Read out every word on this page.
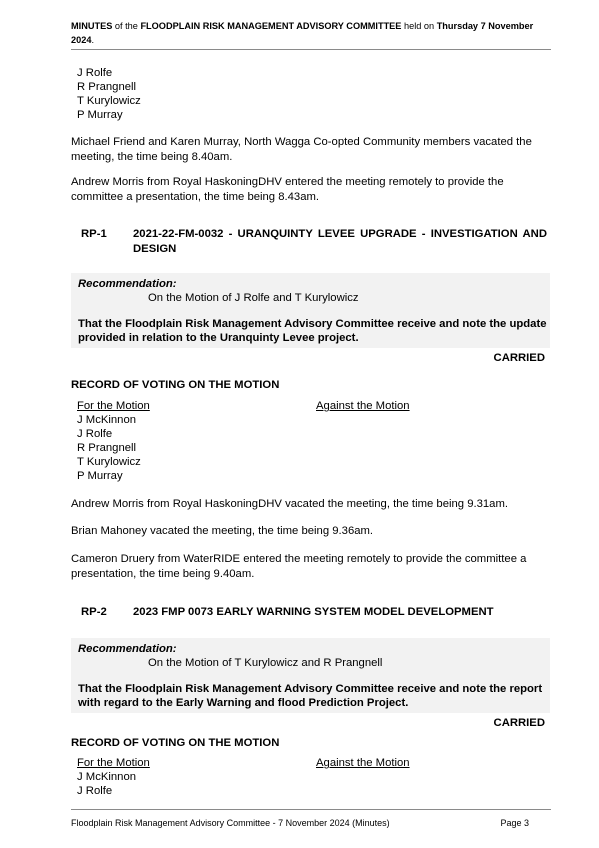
MINUTES of the FLOODPLAIN RISK MANAGEMENT ADVISORY COMMITTEE held on Thursday 7 November 2024.
J Rolfe
R Prangnell
T Kurylowicz
P Murray
Michael Friend and Karen Murray, North Wagga Co-opted Community members vacated the meeting, the time being 8.40am.
Andrew Morris from Royal HaskoningDHV entered the meeting remotely to provide the committee a presentation, the time being 8.43am.
RP-1 2021-22-FM-0032 - URANQUINTY LEVEE UPGRADE - INVESTIGATION AND DESIGN
Recommendation:
On the Motion of J Rolfe and T Kurylowicz
That the Floodplain Risk Management Advisory Committee receive and note the update provided in relation to the Uranquinty Levee project.
CARRIED
RECORD OF VOTING ON THE MOTION
For the Motion	Against the Motion
J McKinnon
J Rolfe
R Prangnell
T Kurylowicz
P Murray
Andrew Morris from Royal HaskoningDHV vacated the meeting, the time being 9.31am.
Brian Mahoney vacated the meeting, the time being 9.36am.
Cameron Druery from WaterRIDE entered the meeting remotely to provide the committee a presentation, the time being 9.40am.
RP-2 2023 FMP 0073 EARLY WARNING SYSTEM MODEL DEVELOPMENT
Recommendation:
On the Motion of T Kurylowicz and R Prangnell
That the Floodplain Risk Management Advisory Committee receive and note the report with regard to the Early Warning and flood Prediction Project.
CARRIED
RECORD OF VOTING ON THE MOTION
For the Motion	Against the Motion
J McKinnon
J Rolfe
Floodplain Risk Management Advisory Committee - 7 November 2024 (Minutes)	Page 3
